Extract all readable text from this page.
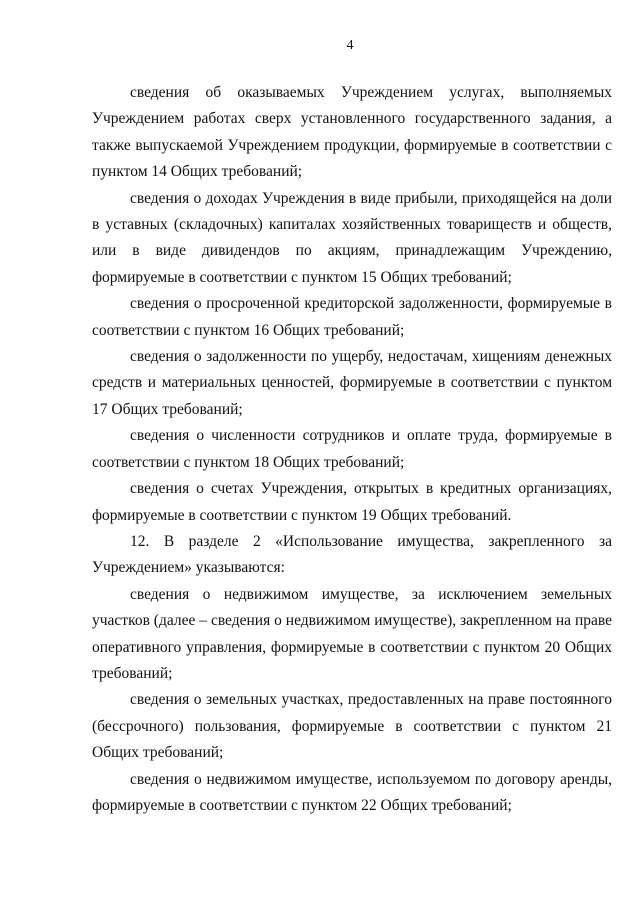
4

сведения об оказываемых Учреждением услугах, выполняемых Учреждением работах сверх установленного государственного задания, а также выпускаемой Учреждением продукции, формируемые в соответствии с пунктом 14 Общих требований;

сведения о доходах Учреждения в виде прибыли, приходящейся на доли в уставных (складочных) капиталах хозяйственных товариществ и обществ, или в виде дивидендов по акциям, принадлежащим Учреждению, формируемые в соответствии с пунктом 15 Общих требований;

сведения о просроченной кредиторской задолженности, формируемые в соответствии с пунктом 16 Общих требований;

сведения о задолженности по ущербу, недостачам, хищениям денежных средств и материальных ценностей, формируемые в соответствии с пунктом 17 Общих требований;

сведения о численности сотрудников и оплате труда, формируемые в соответствии с пунктом 18 Общих требований;

сведения о счетах Учреждения, открытых в кредитных организациях, формируемые в соответствии с пунктом 19 Общих требований.

12. В разделе 2 «Использование имущества, закрепленного за Учреждением» указываются:

сведения о недвижимом имуществе, за исключением земельных участков (далее – сведения о недвижимом имуществе), закрепленном на праве оперативного управления, формируемые в соответствии с пунктом 20 Общих требований;

сведения о земельных участках, предоставленных на праве постоянного (бессрочного) пользования, формируемые в соответствии с пунктом 21 Общих требований;

сведения о недвижимом имуществе, используемом по договору аренды, формируемые в соответствии с пунктом 22 Общих требований;
